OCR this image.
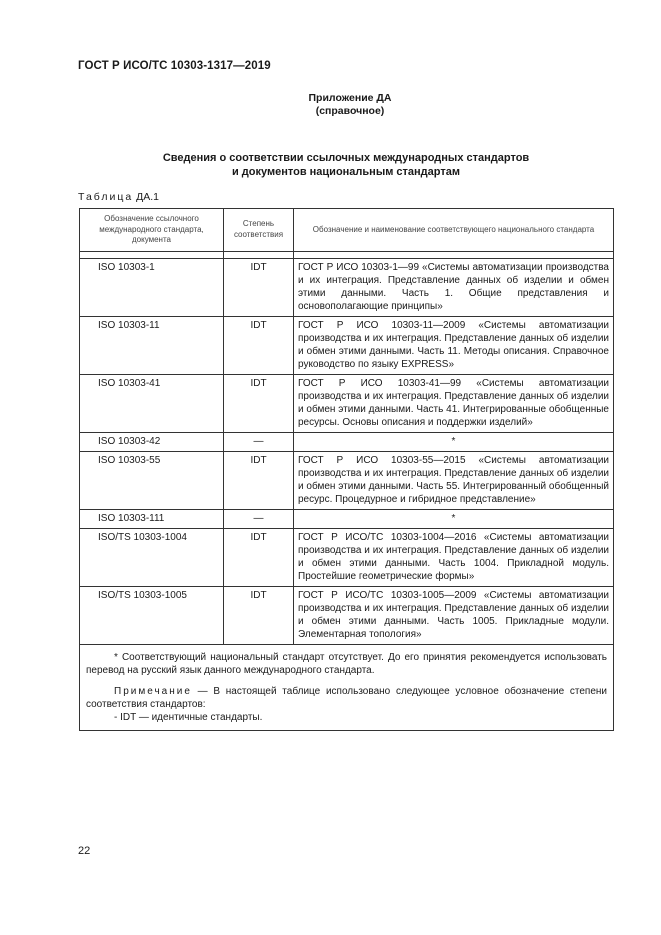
ГОСТ Р ИСО/ТС 10303-1317—2019
Приложение ДА
(справочное)
Сведения о соответствии ссылочных международных стандартов
и документов национальным стандартам
Таблица ДА.1
Обозначение ссылочного международного стандарта, документа	Степень соответствия	Обозначение и наименование соответствующего национального стандарта

ISO 10303-1	IDT	ГОСТ Р ИСО 10303-1—99 «Системы автоматизации производства и их интеграция. Представление данных об изделии и обмен этими данными. Часть 1. Общие представления и основополагающие принципы»
ISO 10303-11	IDT	ГОСТ Р ИСО 10303-11—2009 «Системы автоматизации производства и их интеграция. Представление данных об изделии и обмен этими данными. Часть 11. Методы описания. Справочное руководство по языку EXPRESS»
ISO 10303-41	IDT	ГОСТ Р ИСО 10303-41—99 «Системы автоматизации производства и их интеграция. Представление данных об изделии и обмен этими данными. Часть 41. Интегрированные обобщенные ресурсы. Основы описания и поддержки изделий»
ISO 10303-42	—	*
ISO 10303-55	IDT	ГОСТ Р ИСО 10303-55—2015 «Системы автоматизации производства и их интеграция. Представление данных об изделии и обмен этими данными. Часть 55. Интегрированный обобщенный ресурс. Процедурное и гибридное представление»
ISO 10303-111	—	*
ISO/TS 10303-1004	IDT	ГОСТ Р ИСО/ТС 10303-1004—2016 «Системы автоматизации производства и их интеграция. Представление данных об изделии и обмен этими данными. Часть 1004. Прикладной модуль. Простейшие геометрические формы»
ISO/TS 10303-1005	IDT	ГОСТ Р ИСО/ТС 10303-1005—2009 «Системы автоматизации производства и их интеграция. Представление данных об изделии и обмен этими данными. Часть 1005. Прикладные модули. Элементарная топология»

* Соответствующий национальный стандарт отсутствует. До его принятия рекомендуется использовать перевод на русский язык данного международного стандарта.

Примечание — В настоящей таблице использовано следующее условное обозначение степени соответствия стандартов:

- IDT — идентичные стандарты.		
22
